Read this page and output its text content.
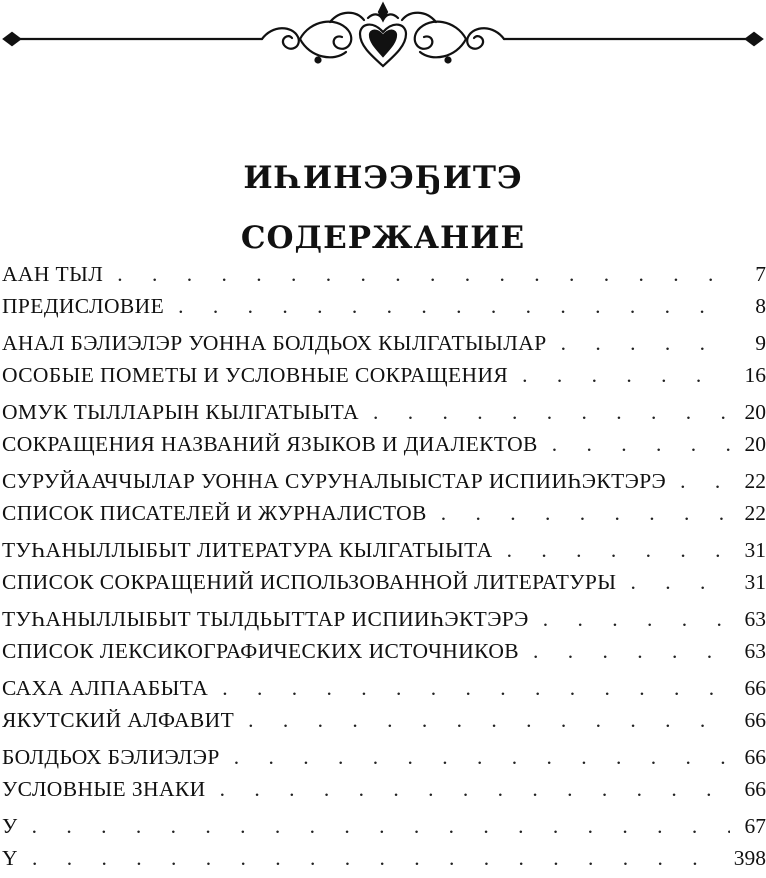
ИҺИНЭЭҔИТЭ

СОДЕРЖАНИЕ

ААН ТЫЛ . . .	7
ПРЕДИСЛОВИЕ . . .	8
АНАЛ БЭЛИЭЛЭР УОННА БОЛДЬОХ КЫЛГАТЫЫЛАР . . .	9
ОСОБЫЕ ПОМЕТЫ И УСЛОВНЫЕ СОКРАЩЕНИЯ . . .	16
ОМУК ТЫЛЛАРЫН КЫЛГАТЫЫТА . . .	20
СОКРАЩЕНИЯ НАЗВАНИЙ ЯЗЫКОВ И ДИАЛЕКТОВ . . .	20
СУРУЙААЧЧЫЛАР УОННА СУРУНАЛЫЫСТАР ИСПИИҺЭКТЭРЭ . . .	22
СПИСОК ПИСАТЕЛЕЙ И ЖУРНАЛИСТОВ . . .	22
ТУҺАНЫЛЛЫБЫТ ЛИТЕРАТУРА КЫЛГАТЫЫТА . . .	31
СПИСОК СОКРАЩЕНИЙ ИСПОЛЬЗОВАННОЙ ЛИТЕРАТУРЫ . . .	31
ТУҺАНЫЛЛЫБЫТ ТЫЛДЬЫТТАР ИСПИИҺЭКТЭРЭ . . .	63
СПИСОК ЛЕКСИКОГРАФИЧЕСКИХ ИСТОЧНИКОВ . . .	63
САХА АЛПААБЫТА . . .	66
ЯКУТСКИЙ АЛФАВИТ . . .	66
БОЛДЬОХ БЭЛИЭЛЭР . . .	66
УСЛОВНЫЕ ЗНАКИ . . .	66
У . . .	67
Ү . . .	398
